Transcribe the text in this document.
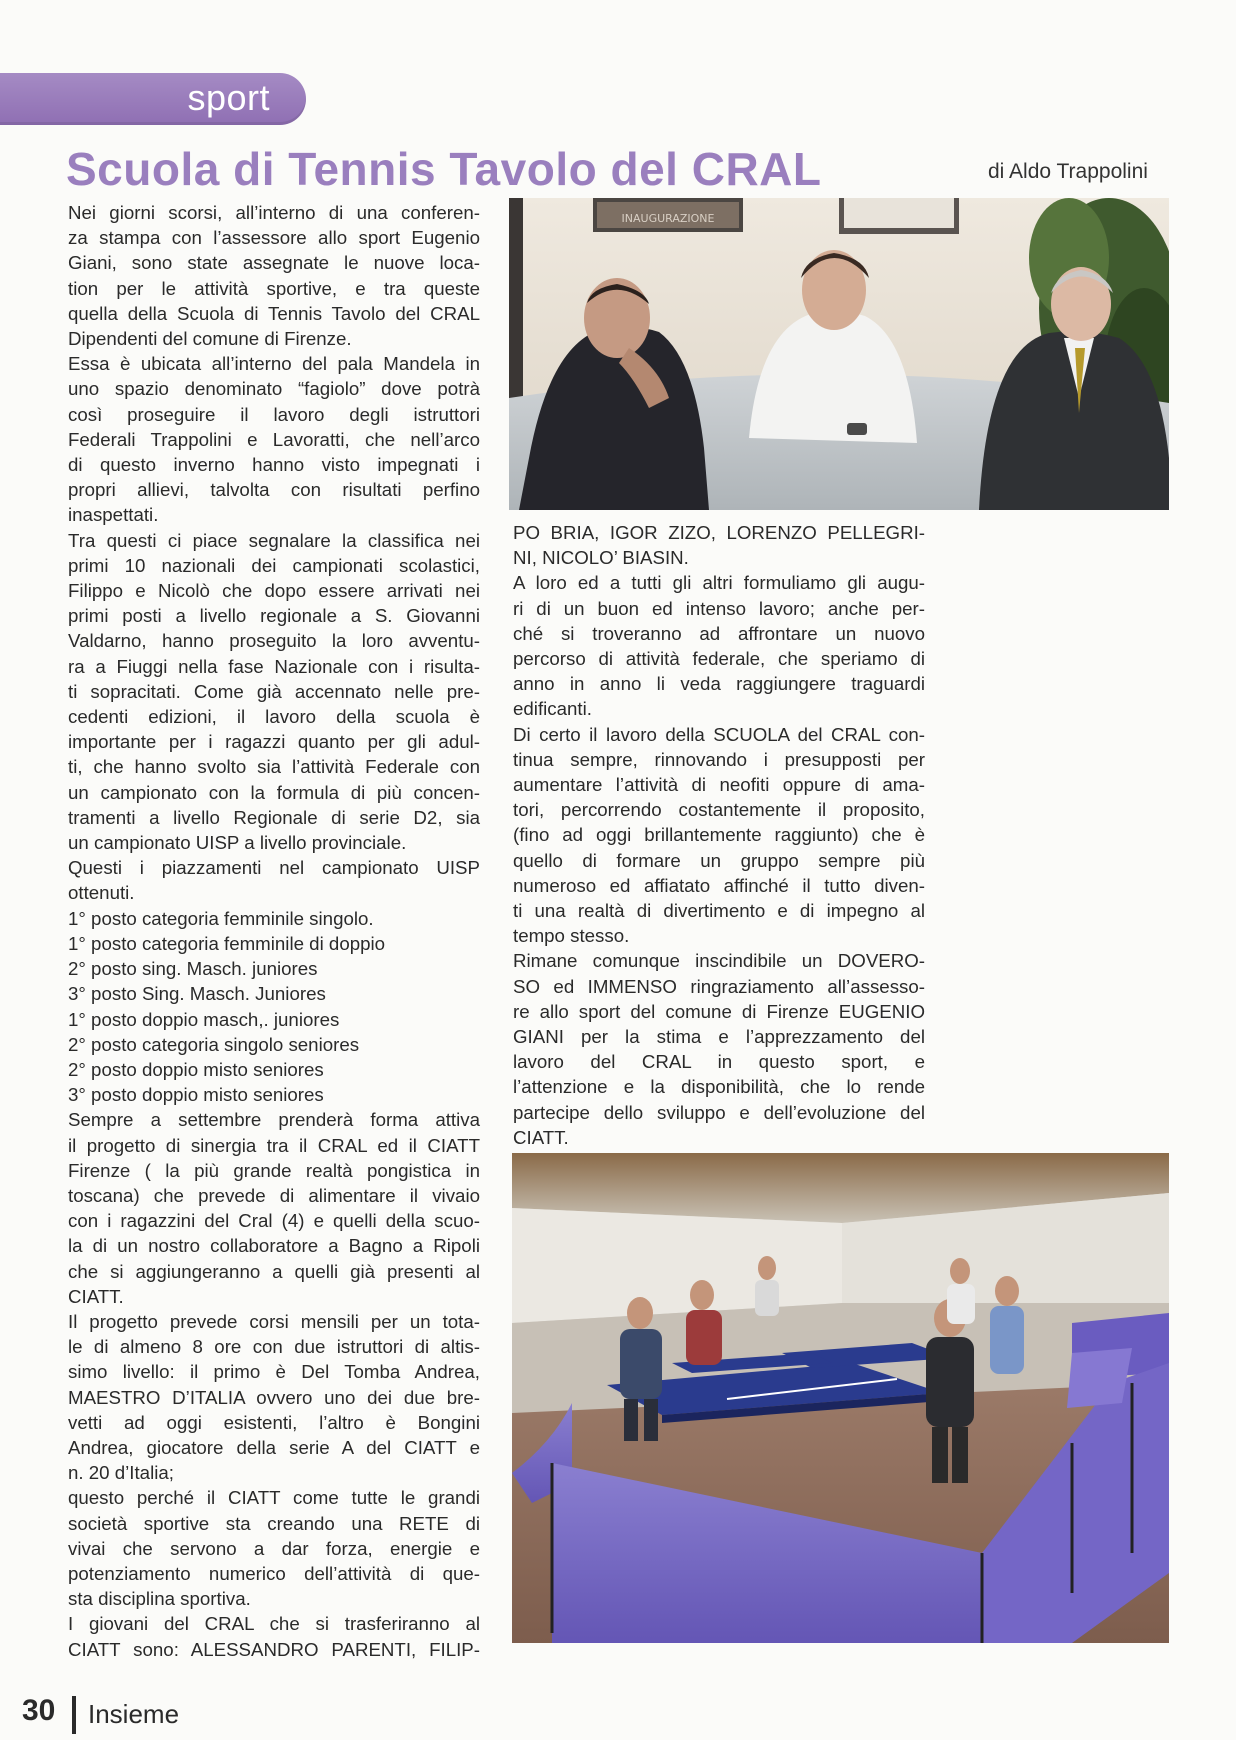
sport
Scuola di Tennis Tavolo del CRAL	di Aldo Trappolini

Nei giorni scorsi, all’interno di una conferen-

za stampa con l’assessore allo sport Eugenio

Giani, sono state assegnate le nuove loca-

tion per le attività sportive, e tra queste

quella della Scuola di Tennis Tavolo del CRAL

Dipendenti del comune di Firenze.

Essa è ubicata all’interno del pala Mandela in

uno spazio denominato “fagiolo” dove potrà

così proseguire il lavoro degli istruttori

Federali Trappolini e Lavoratti, che nell’arco

di questo inverno hanno visto impegnati i

propri allievi, talvolta con risultati perfino

inaspettati.

Tra questi ci piace segnalare la classifica nei

primi 10 nazionali dei campionati scolastici,

Filippo e Nicolò che dopo essere arrivati nei

primi posti a livello regionale a S. Giovanni

Valdarno, hanno proseguito la loro avventu-

ra a Fiuggi nella fase Nazionale con i risulta-

ti sopracitati. Come già accennato nelle pre-

cedenti edizioni, il lavoro della scuola è

importante per i ragazzi quanto per gli adul-

ti, che hanno svolto sia l’attività Federale con

un campionato con la formula di più concen-

tramenti a livello Regionale di serie D2, sia

un campionato UISP a livello provinciale.

Questi i piazzamenti nel campionato UISP

ottenuti.

1° posto categoria femminile singolo.

1° posto categoria femminile di doppio

2° posto sing. Masch. juniores

3° posto Sing. Masch. Juniores

1° posto doppio masch,. juniores

2° posto categoria singolo seniores

2° posto doppio misto seniores

3° posto doppio misto seniores

Sempre a settembre prenderà forma attiva

il progetto di sinergia tra il CRAL ed il CIATT

Firenze ( la più grande realtà pongistica in

toscana) che prevede di alimentare il vivaio

con i ragazzini del Cral (4) e quelli della scuo-

la di un nostro collaboratore a Bagno a Ripoli

che si aggiungeranno a quelli già presenti al

CIATT.

Il progetto prevede corsi mensili per un tota-

le di almeno 8 ore con due istruttori di altis-

simo livello: il primo è Del Tomba Andrea,

MAESTRO D’ITALIA ovvero uno dei due bre-

vetti ad oggi esistenti, l’altro è Bongini

Andrea, giocatore della serie A del CIATT e

n. 20 d’Italia;

questo perché il CIATT come tutte le grandi

società sportive sta creando una RETE di

vivai che servono a dar forza, energie e

potenziamento numerico dell’attività di que-

sta disciplina sportiva.

I giovani del CRAL che si trasferiranno al

CIATT sono: ALESSANDRO PARENTI, FILIP-

INAUGURAZIONE

PO BRIA, IGOR ZIZO, LORENZO PELLEGRI-

NI, NICOLO’ BIASIN.

A loro ed a tutti gli altri formuliamo gli augu-

ri di un buon ed intenso lavoro; anche per-

ché si troveranno ad affrontare un nuovo

percorso di attività federale, che speriamo di

anno in anno li veda raggiungere traguardi

edificanti.

Di certo il lavoro della SCUOLA del CRAL con-

tinua sempre, rinnovando i presupposti per

aumentare l’attività di neofiti oppure di ama-

tori, percorrendo costantemente il proposito,

(fino ad oggi brillantemente raggiunto) che è

quello di formare un gruppo sempre più

numeroso ed affiatato affinché il tutto diven-

ti una realtà di divertimento e di impegno al

tempo stesso.

Rimane comunque inscindibile un DOVERO-

SO ed IMMENSO ringraziamento all’assesso-

re allo sport del comune di Firenze EUGENIO

GIANI per la stima e l’apprezzamento del

lavoro del CRAL in questo sport, e

l’attenzione e la disponibilità, che lo rende

partecipe dello sviluppo e dell’evoluzione del

CIATT.

30 Insieme
